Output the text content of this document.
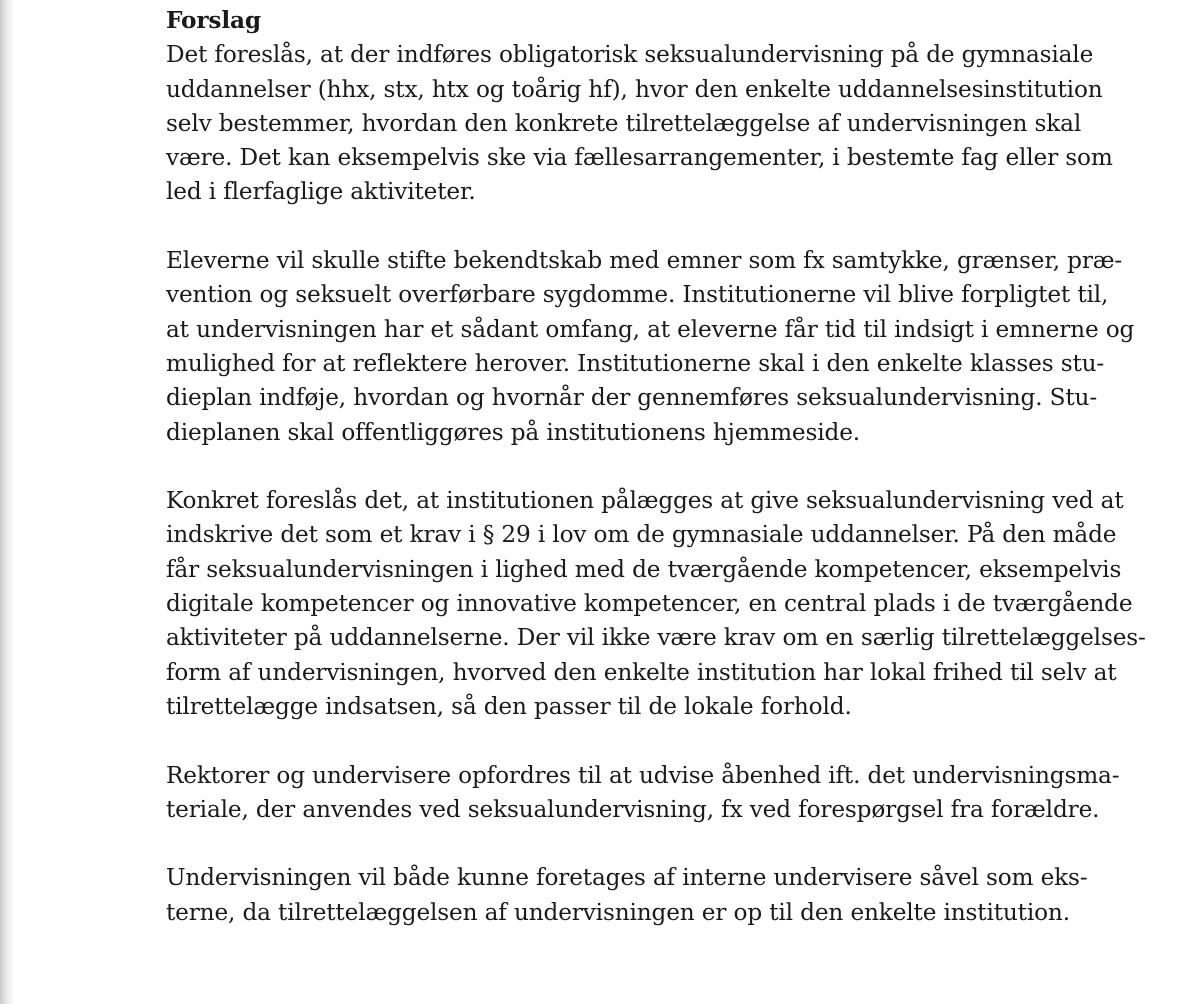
Forslag

Det foreslås, at der indføres obligatorisk seksualundervisning på de gymnasiale
uddannelser (hhx, stx, htx og toårig hf), hvor den enkelte uddannelsesinstitution
selv bestemmer, hvordan den konkrete tilrettelæggelse af undervisningen skal
være. Det kan eksempelvis ske via fællesarrangementer, i bestemte fag eller som
led i flerfaglige aktiviteter.

Eleverne vil skulle stifte bekendtskab med emner som fx samtykke, grænser, præ-
vention og seksuelt overførbare sygdomme. Institutionerne vil blive forpligtet til,
at undervisningen har et sådant omfang, at eleverne får tid til indsigt i emnerne og
mulighed for at reflektere herover. Institutionerne skal i den enkelte klasses stu-
dieplan indføje, hvordan og hvornår der gennemføres seksualundervisning. Stu-
dieplanen skal offentliggøres på institutionens hjemmeside.

Konkret foreslås det, at institutionen pålægges at give seksualundervisning ved at
indskrive det som et krav i § 29 i lov om de gymnasiale uddannelser. På den måde
får seksualundervisningen i lighed med de tværgående kompetencer, eksempelvis
digitale kompetencer og innovative kompetencer, en central plads i de tværgående
aktiviteter på uddannelserne. Der vil ikke være krav om en særlig tilrettelæggelses-
form af undervisningen, hvorved den enkelte institution har lokal frihed til selv at
tilrettelægge indsatsen, så den passer til de lokale forhold.

Rektorer og undervisere opfordres til at udvise åbenhed ift. det undervisningsma-
teriale, der anvendes ved seksualundervisning, fx ved forespørgsel fra forældre.

Undervisningen vil både kunne foretages af interne undervisere såvel som eks-
terne, da tilrettelæggelsen af undervisningen er op til den enkelte institution.
